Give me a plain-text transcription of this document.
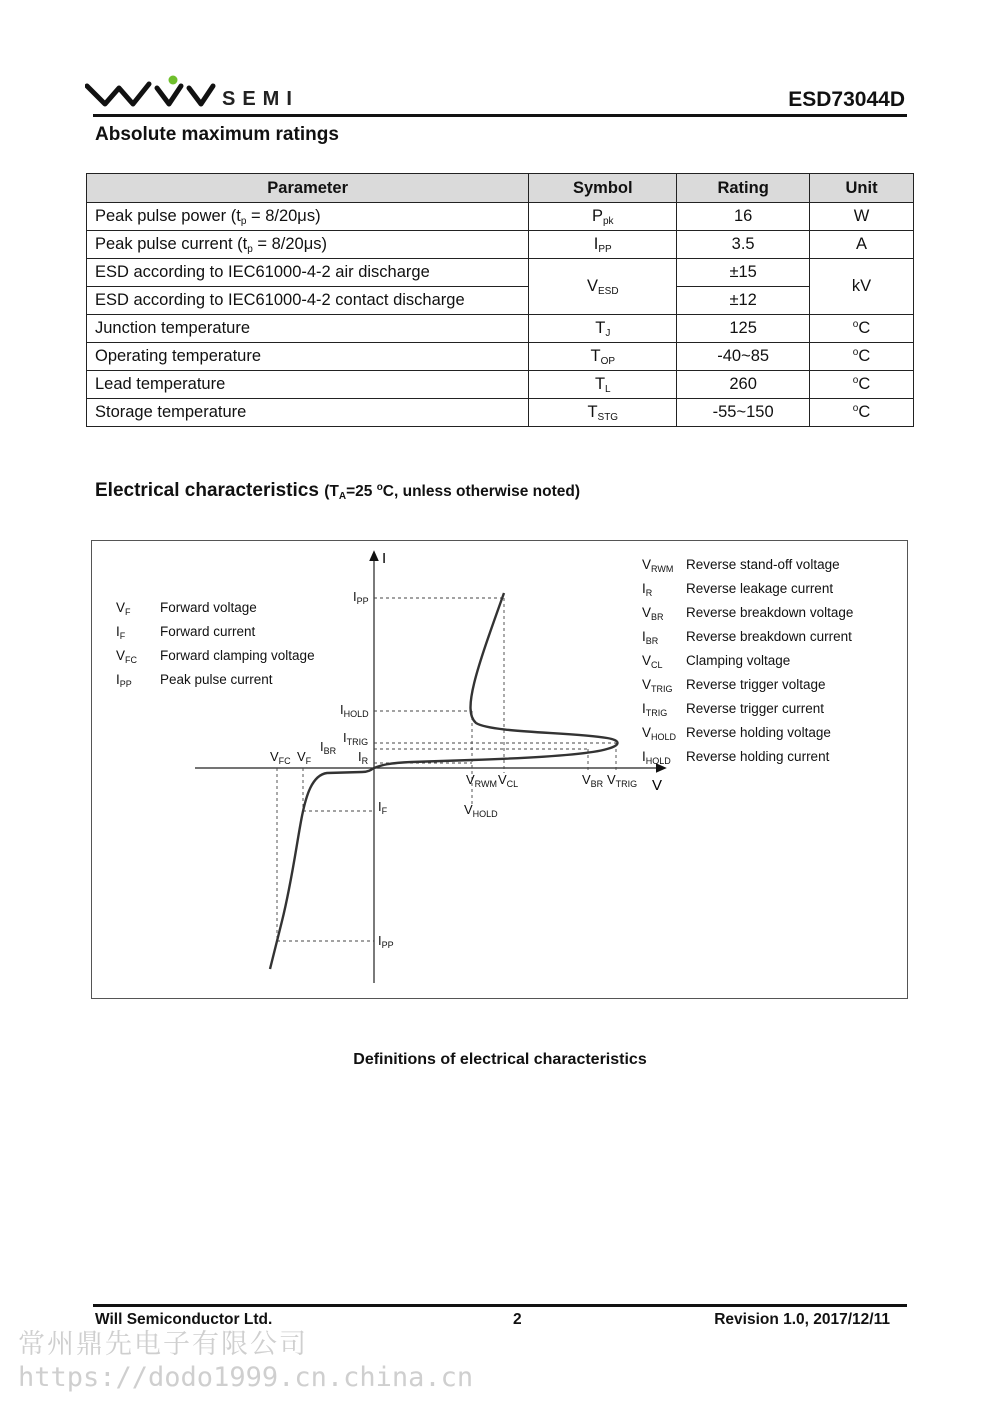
SEMI	ESD73044D
Absolute maximum ratings
Parameter	Symbol	Rating	Unit
Peak pulse power $(t_p = 8/20\mu s)$	$P_{pk}$	16	W
Peak pulse current $(t_p = 8/20\mu s)$	$I_{PP}$	3.5	A
ESD according to IEC61000-4-2 air discharge	$V_{ESD}$	±15	kV
ESD according to IEC61000-4-2 contact discharge		±12	
Junction temperature	$T_J$	125	$^o$C
Operating temperature	$T_{OP}$	-40~85	$^o$C
Lead temperature	$T_L$	260	$^o$C
Storage temperature	$T_{STG}$	-55~150	$^o$C
Electrical characteristics ($T_A=25$ $^o$C, unless otherwise noted)
I
V
$I_{PP}$
$I_{HOLD}$
$I_{TRIG}$
$I_{BR}$ $I_R$
$V_{FC}$ $V_F$
$V_{RWM}$ $V_{CL}$
$V_{HOLD}$
$V_{BR}$ $V_{TRIG}$
$I_F$
$I_{PP}$
$V_F$ Forward voltage
$I_F$	Forward current
$V_{FC}$ Forward clamping voltage
$I_{PP}$ Peak pulse current
$V_{RWM}$ Reverse stand-off voltage
$I_R$ Reverse leakage current
$V_{BR}$ Reverse breakdown voltage
$I_{BR}$ Reverse breakdown current
$V_{CL}$ Clamping voltage
$V_{TRIG}$ Reverse trigger voltage
$I_{TRIG}$ Reverse trigger current
$V_{HOLD}$ Reverse holding voltage
$I_{HOLD}$ Reverse holding current
Definitions of electrical characteristics
Will Semiconductor Ltd.	2	Revision 1.0, 2017/12/11
常州鼎先电子有限公司
https://dodo1999.cn.china.cn
